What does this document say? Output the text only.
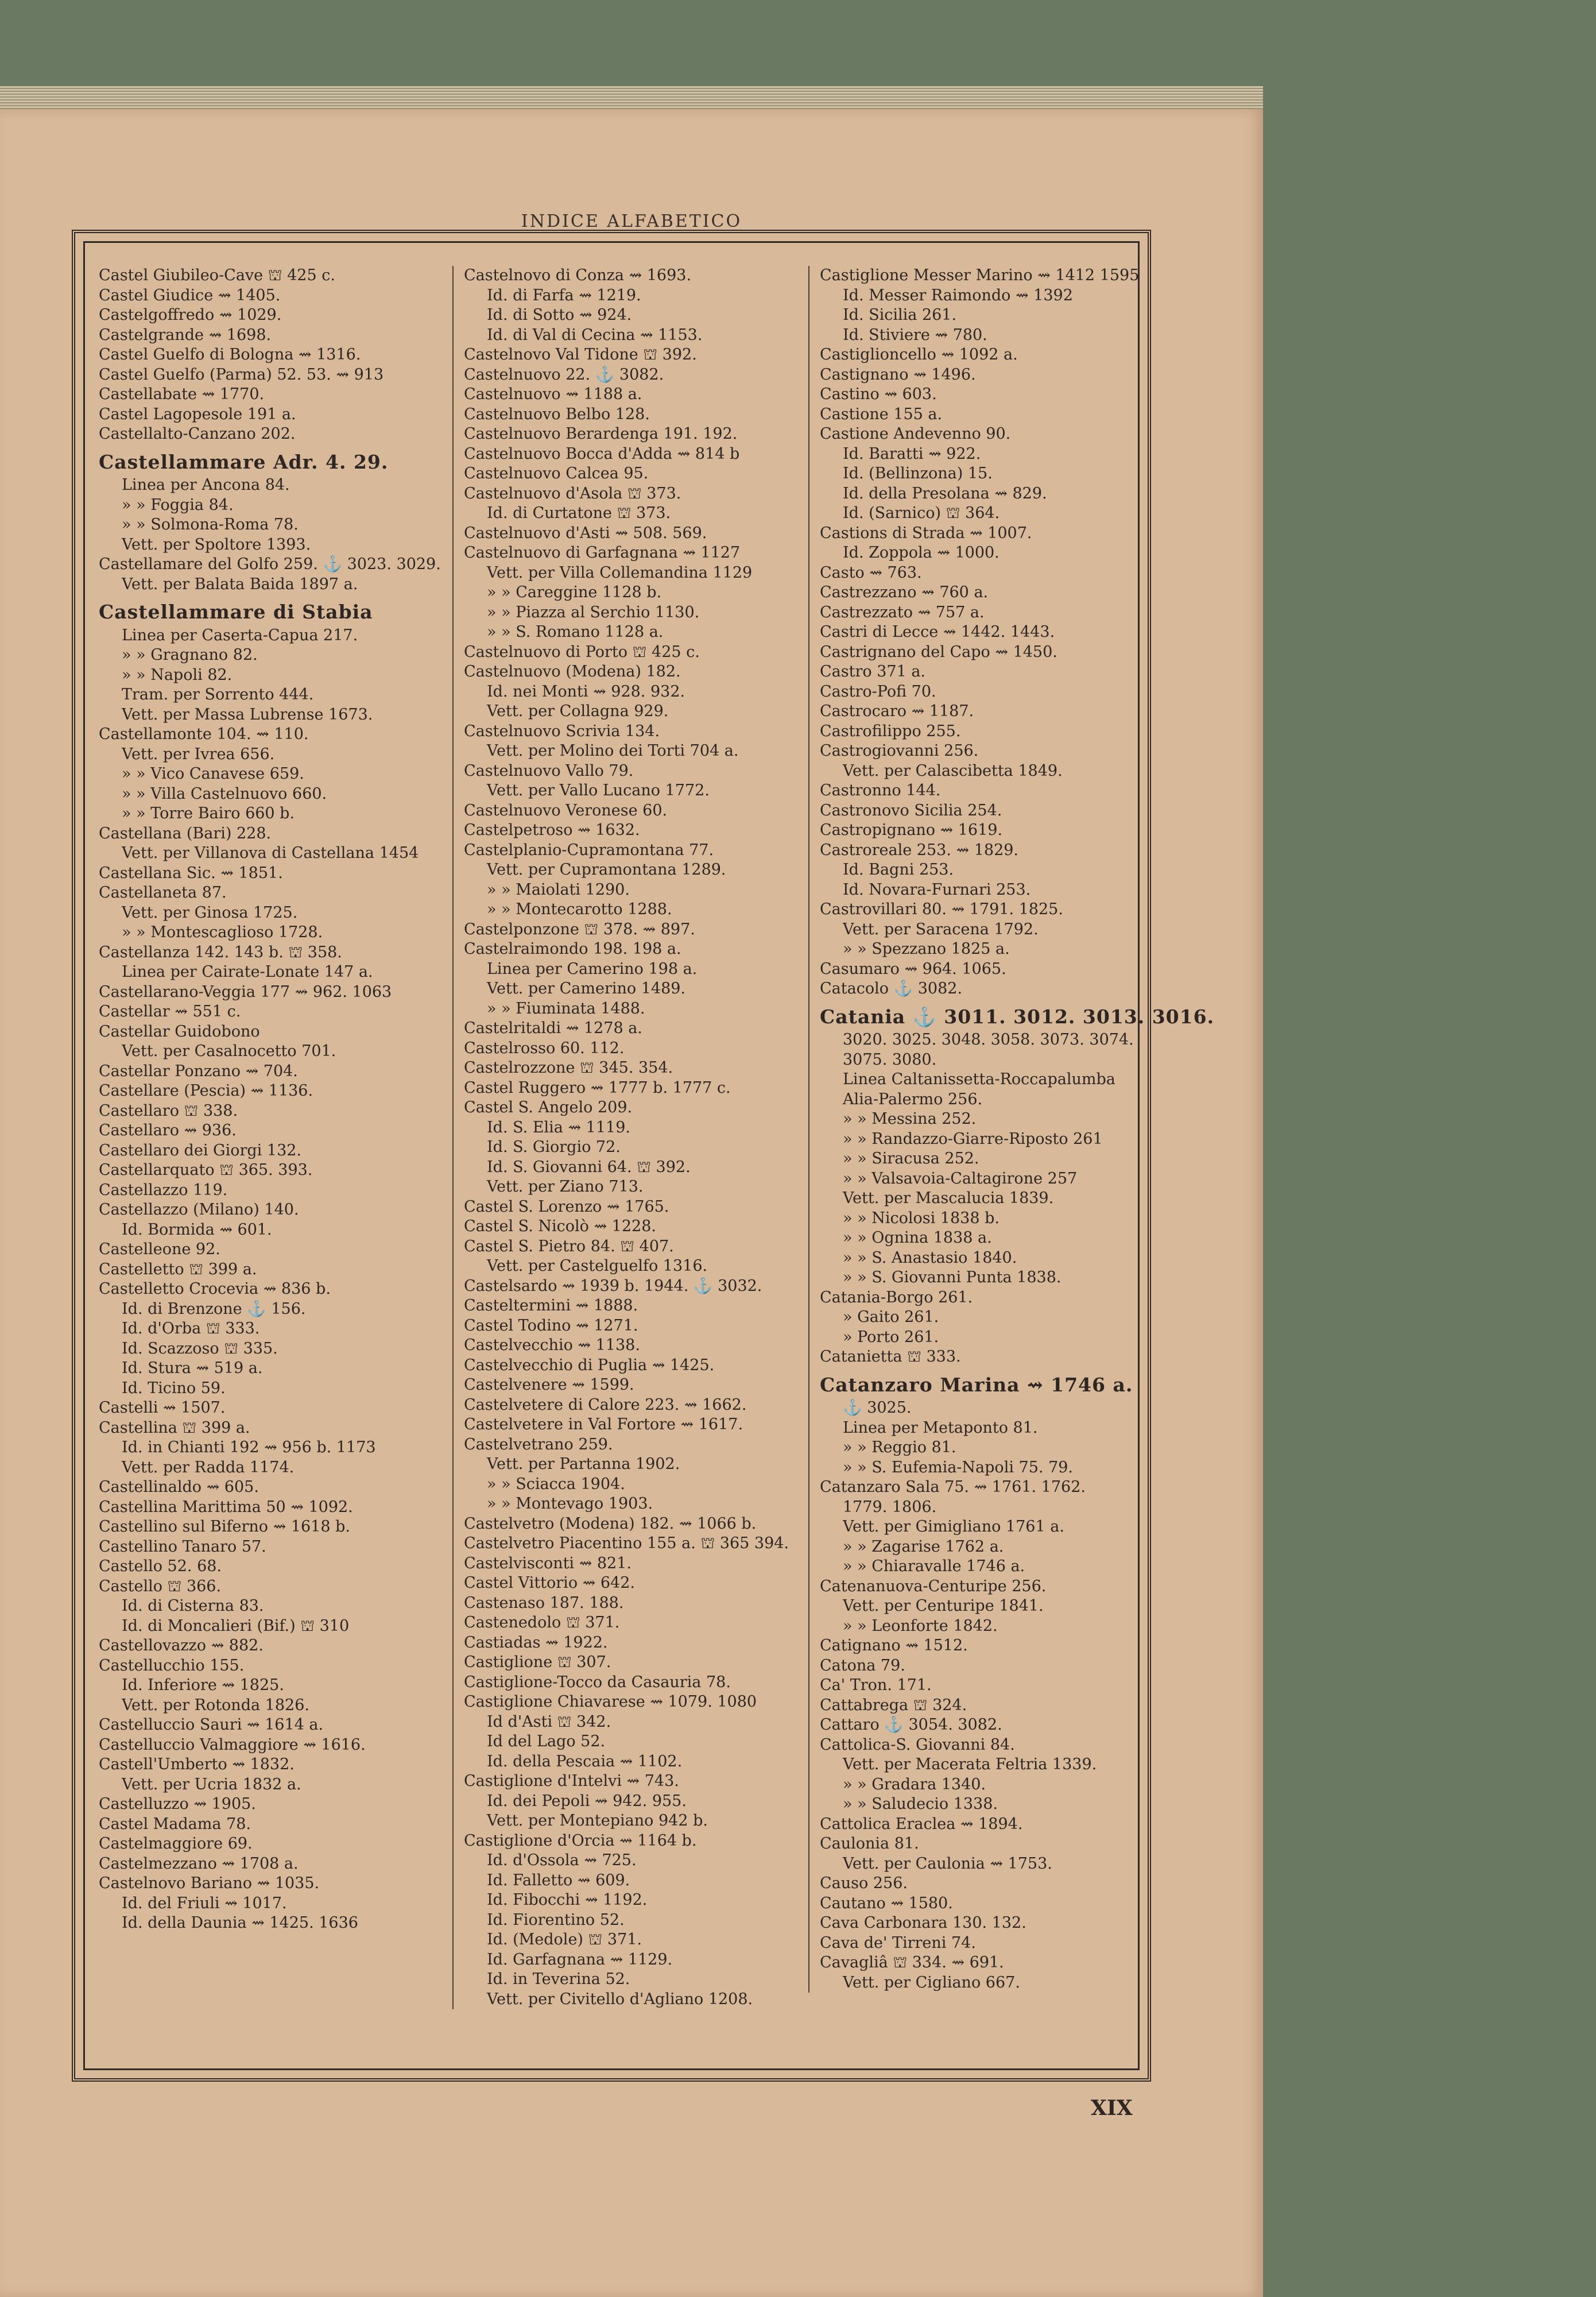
INDICE ALFABETICO
Castel Giubileo-Cave ⛫ 425 c.
Castel Giudice ⇝ 1405.
Castelgoffredo ⇝ 1029.
Castelgrande ⇝ 1698.
Castel Guelfo di Bologna ⇝ 1316.
Castel Guelfo (Parma) 52. 53. ⇝ 913
Castellabate ⇝ 1770.
Castel Lagopesole 191 a.
Castellalto-Canzano 202.
Castellammare Adr. 4. 29.
Linea per Ancona 84.
» » Foggia 84.
» » Solmona-Roma 78.
Vett. per Spoltore 1393.
Castellamare del Golfo 259. ⚓ 3023. 3029.
Vett. per Balata Baida 1897 a.
Castellammare di Stabia
Linea per Caserta-Capua 217.
» » Gragnano 82.
» » Napoli 82.
Tram. per Sorrento 444.
Vett. per Massa Lubrense 1673.
Castellamonte 104. ⇝ 110.
Vett. per Ivrea 656.
» » Vico Canavese 659.
» » Villa Castelnuovo 660.
» » Torre Bairo 660 b.
Castellana (Bari) 228.
Vett. per Villanova di Castellana 1454
Castellana Sic. ⇝ 1851.
Castellaneta 87.
Vett. per Ginosa 1725.
» » Montescaglioso 1728.
Castellanza 142. 143 b. ⛫ 358.
Linea per Cairate-Lonate 147 a.
Castellarano-Veggia 177 ⇝ 962. 1063
Castellar ⇝ 551 c.
Castellar Guidobono
Vett. per Casalnocetto 701.
Castellar Ponzano ⇝ 704.
Castellare (Pescia) ⇝ 1136.
Castellaro ⛫ 338.
Castellaro ⇝ 936.
Castellaro dei Giorgi 132.
Castellarquato ⛫ 365. 393.
Castellazzo 119.
Castellazzo (Milano) 140.
Id. Bormida ⇝ 601.
Castelleone 92.
Castelletto ⛫ 399 a.
Castelletto Crocevia ⇝ 836 b.
Id. di Brenzone ⚓ 156.
Id. d'Orba ⛫ 333.
Id. Scazzoso ⛫ 335.
Id. Stura ⇝ 519 a.
Id. Ticino 59.
Castelli ⇝ 1507.
Castellina ⛫ 399 a.
Id. in Chianti 192 ⇝ 956 b. 1173
Vett. per Radda 1174.
Castellinaldo ⇝ 605.
Castellina Marittima 50 ⇝ 1092.
Castellino sul Biferno ⇝ 1618 b.
Castellino Tanaro 57.
Castello 52. 68.
Castello ⛫ 366.
Id. di Cisterna 83.
Id. di Moncalieri (Bif.) ⛫ 310
Castellovazzo ⇝ 882.
Castellucchio 155.
Id. Inferiore ⇝ 1825.
Vett. per Rotonda 1826.
Castelluccio Sauri ⇝ 1614 a.
Castelluccio Valmaggiore ⇝ 1616.
Castell'Umberto ⇝ 1832.
Vett. per Ucria 1832 a.
Castelluzzo ⇝ 1905.
Castel Madama 78.
Castelmaggiore 69.
Castelmezzano ⇝ 1708 a.
Castelnovo Bariano ⇝ 1035.
Id. del Friuli ⇝ 1017.
Id. della Daunia ⇝ 1425. 1636
Castelnovo di Conza ⇝ 1693.
Id. di Farfa ⇝ 1219.
Id. di Sotto ⇝ 924.
Id. di Val di Cecina ⇝ 1153.
Castelnovo Val Tidone ⛫ 392.
Castelnuovo 22. ⚓ 3082.
Castelnuovo ⇝ 1188 a.
Castelnuovo Belbo 128.
Castelnuovo Berardenga 191. 192.
Castelnuovo Bocca d'Adda ⇝ 814 b
Castelnuovo Calcea 95.
Castelnuovo d'Asola ⛫ 373.
Id. di Curtatone ⛫ 373.
Castelnuovo d'Asti ⇝ 508. 569.
Castelnuovo di Garfagnana ⇝ 1127
Vett. per Villa Collemandina 1129
» » Careggine 1128 b.
» » Piazza al Serchio 1130.
» » S. Romano 1128 a.
Castelnuovo di Porto ⛫ 425 c.
Castelnuovo (Modena) 182.
Id. nei Monti ⇝ 928. 932.
Vett. per Collagna 929.
Castelnuovo Scrivia 134.
Vett. per Molino dei Torti 704 a.
Castelnuovo Vallo 79.
Vett. per Vallo Lucano 1772.
Castelnuovo Veronese 60.
Castelpetroso ⇝ 1632.
Castelplanio-Cupramontana 77.
Vett. per Cupramontana 1289.
» » Maiolati 1290.
» » Montecarotto 1288.
Castelponzone ⛫ 378. ⇝ 897.
Castelraimondo 198. 198 a.
Linea per Camerino 198 a.
Vett. per Camerino 1489.
» » Fiuminata 1488.
Castelritaldi ⇝ 1278 a.
Castelrosso 60. 112.
Castelrozzone ⛫ 345. 354.
Castel Ruggero ⇝ 1777 b. 1777 c.
Castel S. Angelo 209.
Id. S. Elia ⇝ 1119.
Id. S. Giorgio 72.
Id. S. Giovanni 64. ⛫ 392.
Vett. per Ziano 713.
Castel S. Lorenzo ⇝ 1765.
Castel S. Nicolò ⇝ 1228.
Castel S. Pietro 84. ⛫ 407.
Vett. per Castelguelfo 1316.
Castelsardo ⇝ 1939 b. 1944. ⚓ 3032.
Casteltermini ⇝ 1888.
Castel Todino ⇝ 1271.
Castelvecchio ⇝ 1138.
Castelvecchio di Puglia ⇝ 1425.
Castelvenere ⇝ 1599.
Castelvetere di Calore 223. ⇝ 1662.
Castelvetere in Val Fortore ⇝ 1617.
Castelvetrano 259.
Vett. per Partanna 1902.
» » Sciacca 1904.
» » Montevago 1903.
Castelvetro (Modena) 182. ⇝ 1066 b.
Castelvetro Piacentino 155 a. ⛫ 365 394.
Castelvisconti ⇝ 821.
Castel Vittorio ⇝ 642.
Castenaso 187. 188.
Castenedolo ⛫ 371.
Castiadas ⇝ 1922.
Castiglione ⛫ 307.
Castiglione-Tocco da Casauria 78.
Castiglione Chiavarese ⇝ 1079. 1080
Id d'Asti ⛫ 342.
Id del Lago 52.
Id. della Pescaia ⇝ 1102.
Castiglione d'Intelvi ⇝ 743.
Id. dei Pepoli ⇝ 942. 955.
Vett. per Montepiano 942 b.
Castiglione d'Orcia ⇝ 1164 b.
Id. d'Ossola ⇝ 725.
Id. Falletto ⇝ 609.
Id. Fibocchi ⇝ 1192.
Id. Fiorentino 52.
Id. (Medole) ⛫ 371.
Id. Garfagnana ⇝ 1129.
Id. in Teverina 52.
Vett. per Civitello d'Agliano 1208.
Castiglione Messer Marino ⇝ 1412 1595
Id. Messer Raimondo ⇝ 1392
Id. Sicilia 261.
Id. Stiviere ⇝ 780.
Castiglioncello ⇝ 1092 a.
Castignano ⇝ 1496.
Castino ⇝ 603.
Castione 155 a.
Castione Andevenno 90.
Id. Baratti ⇝ 922.
Id. (Bellinzona) 15.
Id. della Presolana ⇝ 829.
Id. (Sarnico) ⛫ 364.
Castions di Strada ⇝ 1007.
Id. Zoppola ⇝ 1000.
Casto ⇝ 763.
Castrezzano ⇝ 760 a.
Castrezzato ⇝ 757 a.
Castri di Lecce ⇝ 1442. 1443.
Castrignano del Capo ⇝ 1450.
Castro 371 a.
Castro-Pofi 70.
Castrocaro ⇝ 1187.
Castrofilippo 255.
Castrogiovanni 256.
Vett. per Calascibetta 1849.
Castronno 144.
Castronovo Sicilia 254.
Castropignano ⇝ 1619.
Castroreale 253. ⇝ 1829.
Id. Bagni 253.
Id. Novara-Furnari 253.
Castrovillari 80. ⇝ 1791. 1825.
Vett. per Saracena 1792.
» » Spezzano 1825 a.
Casumaro ⇝ 964. 1065.
Catacolo ⚓ 3082.
Catania ⚓ 3011. 3012. 3013. 3016.
3020. 3025. 3048. 3058. 3073. 3074.
3075. 3080.
Linea Caltanissetta-Roccapalumba
Alia-Palermo 256.
» » Messina 252.
» » Randazzo-Giarre-Riposto 261
» » Siracusa 252.
» » Valsavoia-Caltagirone 257
Vett. per Mascalucia 1839.
» » Nicolosi 1838 b.
» » Ognina 1838 a.
» » S. Anastasio 1840.
» » S. Giovanni Punta 1838.
Catania-Borgo 261.
» Gaito 261.
» Porto 261.
Catanietta ⛫ 333.
Catanzaro Marina ⇝ 1746 a.
⚓ 3025.
Linea per Metaponto 81.
» » Reggio 81.
» » S. Eufemia-Napoli 75. 79.
Catanzaro Sala 75. ⇝ 1761. 1762.
1779. 1806.
Vett. per Gimigliano 1761 a.
» » Zagarise 1762 a.
» » Chiaravalle 1746 a.
Catenanuova-Centuripe 256.
Vett. per Centuripe 1841.
» » Leonforte 1842.
Catignano ⇝ 1512.
Catona 79.
Ca' Tron. 171.
Cattabrega ⛫ 324.
Cattaro ⚓ 3054. 3082.
Cattolica-S. Giovanni 84.
Vett. per Macerata Feltria 1339.
» » Gradara 1340.
» » Saludecio 1338.
Cattolica Eraclea ⇝ 1894.
Caulonia 81.
Vett. per Caulonia ⇝ 1753.
Causo 256.
Cautano ⇝ 1580.
Cava Carbonara 130. 132.
Cava de' Tirreni 74.
Cavagliâ ⛫ 334. ⇝ 691.
Vett. per Cigliano 667.
XIX
